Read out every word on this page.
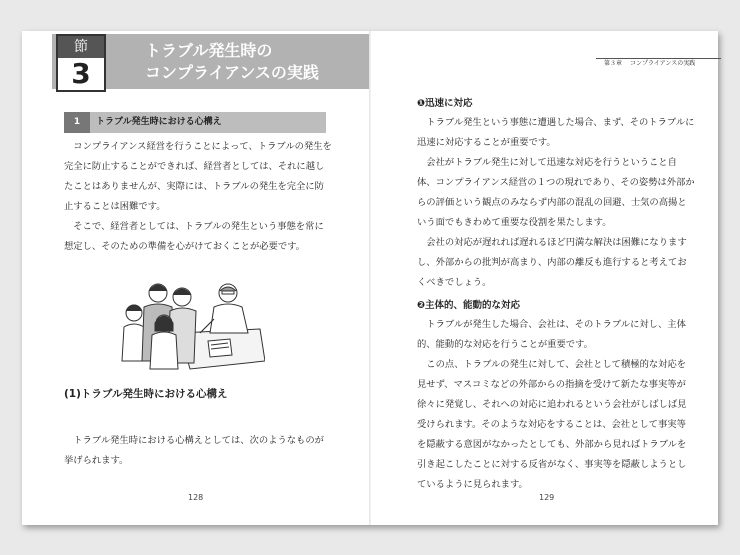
トラブル発生時の
コンプライアンスの実践
節
3
1	トラブル発生時における心構え

コンプライアンス経営を行うことによって、トラブルの発生を完全に防止することができれば、経営者としては、それに越したことはありませんが、実際には、トラブルの発生を完全に防止することは困難です。

そこで、経営者としては、トラブルの発生という事態を常に想定し、そのための準備を心がけておくことが必要です。

(1)トラブル発生時における心構え

トラブル発生時における心構えとしては、次のようなものが挙げられます。

128
第３章 コンプライアンスの実践
❶迅速に対応

トラブル発生という事態に遭遇した場合、まず、そのトラブルに迅速に対応することが重要です。

会社がトラブル発生に対して迅速な対応を行うということ自体、コンプライアンス経営の１つの現れであり、その姿勢は外部からの評価という観点のみならず内部の混乱の回避、士気の高揚という面でもきわめて重要な役割を果たします。

会社の対応が遅れれば遅れるほど円満な解決は困難になりますし、外部からの批判が高まり、内部の離反も進行すると考えておくべきでしょう。

❷主体的、能動的な対応

トラブルが発生した場合、会社は、そのトラブルに対し、主体的、能動的な対応を行うことが重要です。

この点、トラブルの発生に対して、会社として積極的な対応を見せず、マスコミなどの外部からの指摘を受けて新たな事実等が徐々に発覚し、それへの対応に追われるという会社がしばしば見受けられます。そのような対応をすることは、会社として事実等を隠蔽する意図がなかったとしても、外部から見ればトラブルを引き起こしたことに対する反省がなく、事実等を隠蔽しようとしているように見られます。

129
